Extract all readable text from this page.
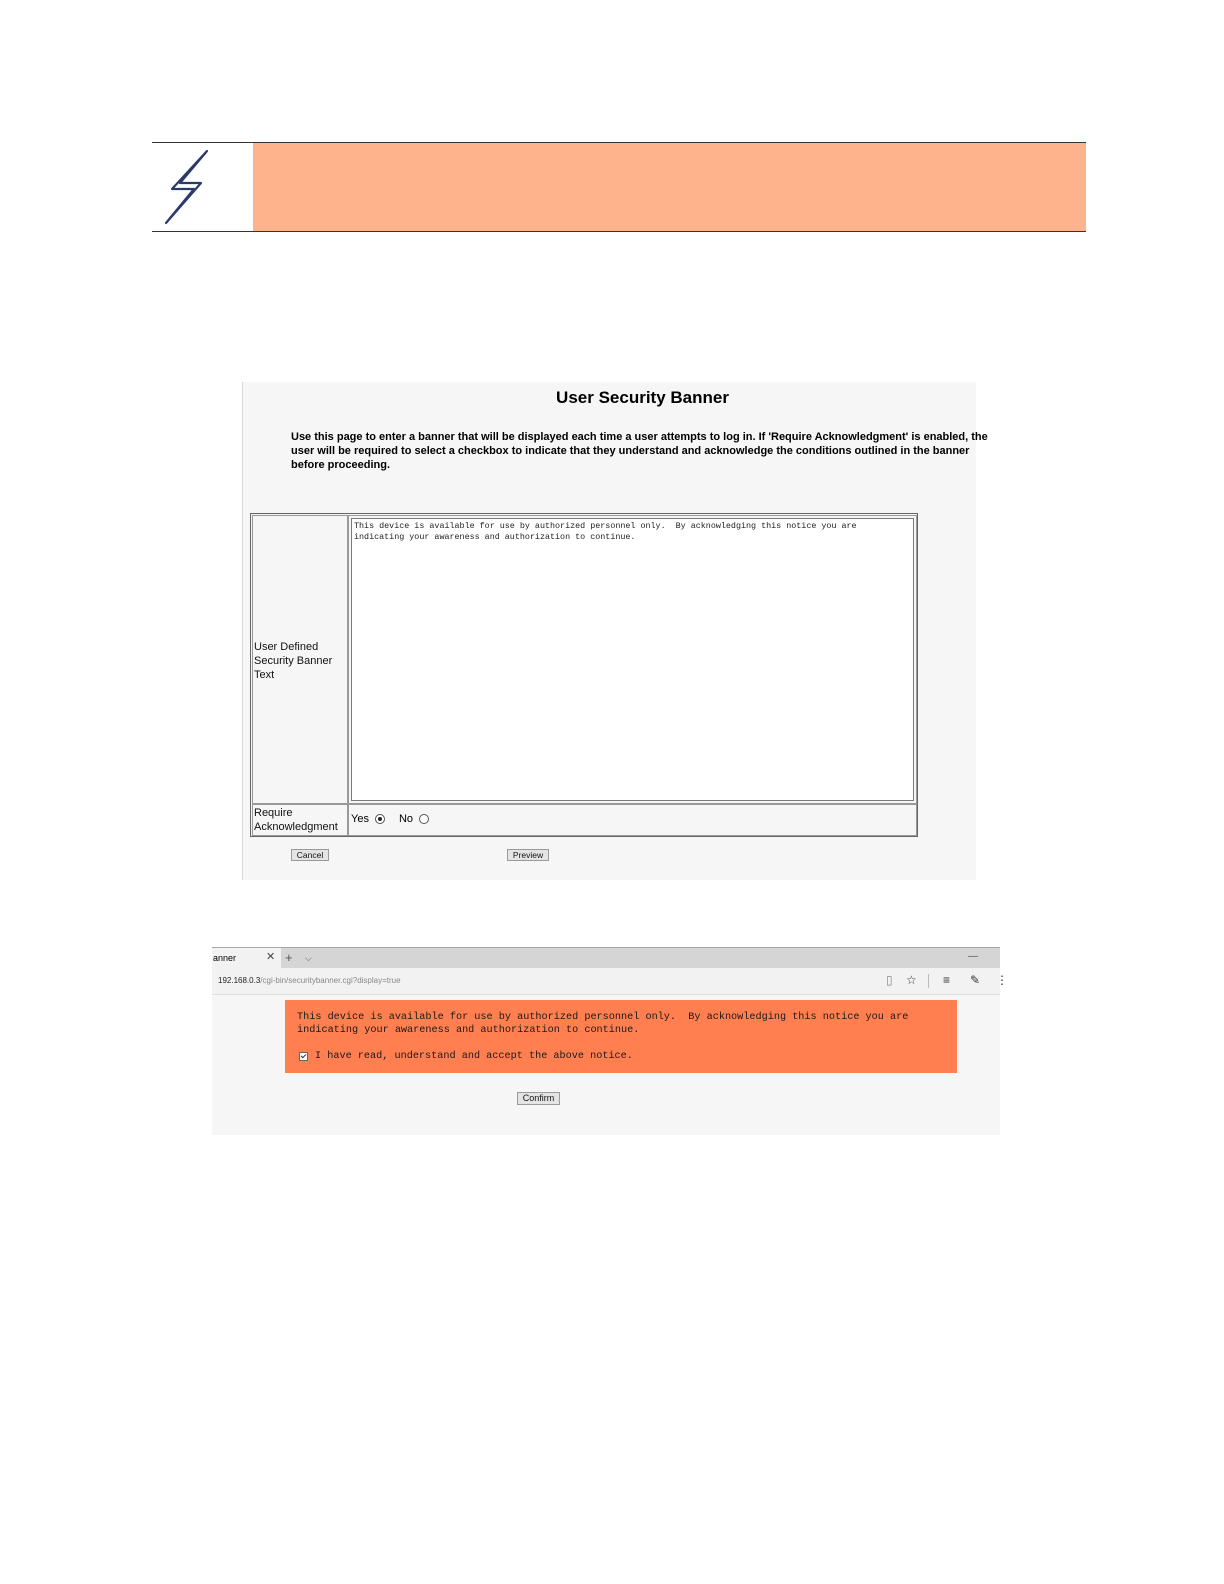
User Security Banner
Use this page to enter a banner that will be displayed each time a user attempts to log in. If 'Require Acknowledgment' is enabled, the user will be required to select a checkbox to indicate that they understand and acknowledge the conditions outlined in the banner before proceeding.
User Defined Security Banner Text
This device is available for use by authorized personnel only.  By acknowledging this notice you are
indicating your awareness and authorization to continue.
Require Acknowledgment
Yes	No
Cancel	Preview
anner	✕ + ⌵	—
192.168.0.3/cgi-bin/securitybanner.cgi?display=true	▯ ☆ ≡ ✎ ⋮
This device is available for use by authorized personnel only.  By acknowledging this notice you are
indicating your awareness and authorization to continue.
I have read, understand and accept the above notice.
Confirm
